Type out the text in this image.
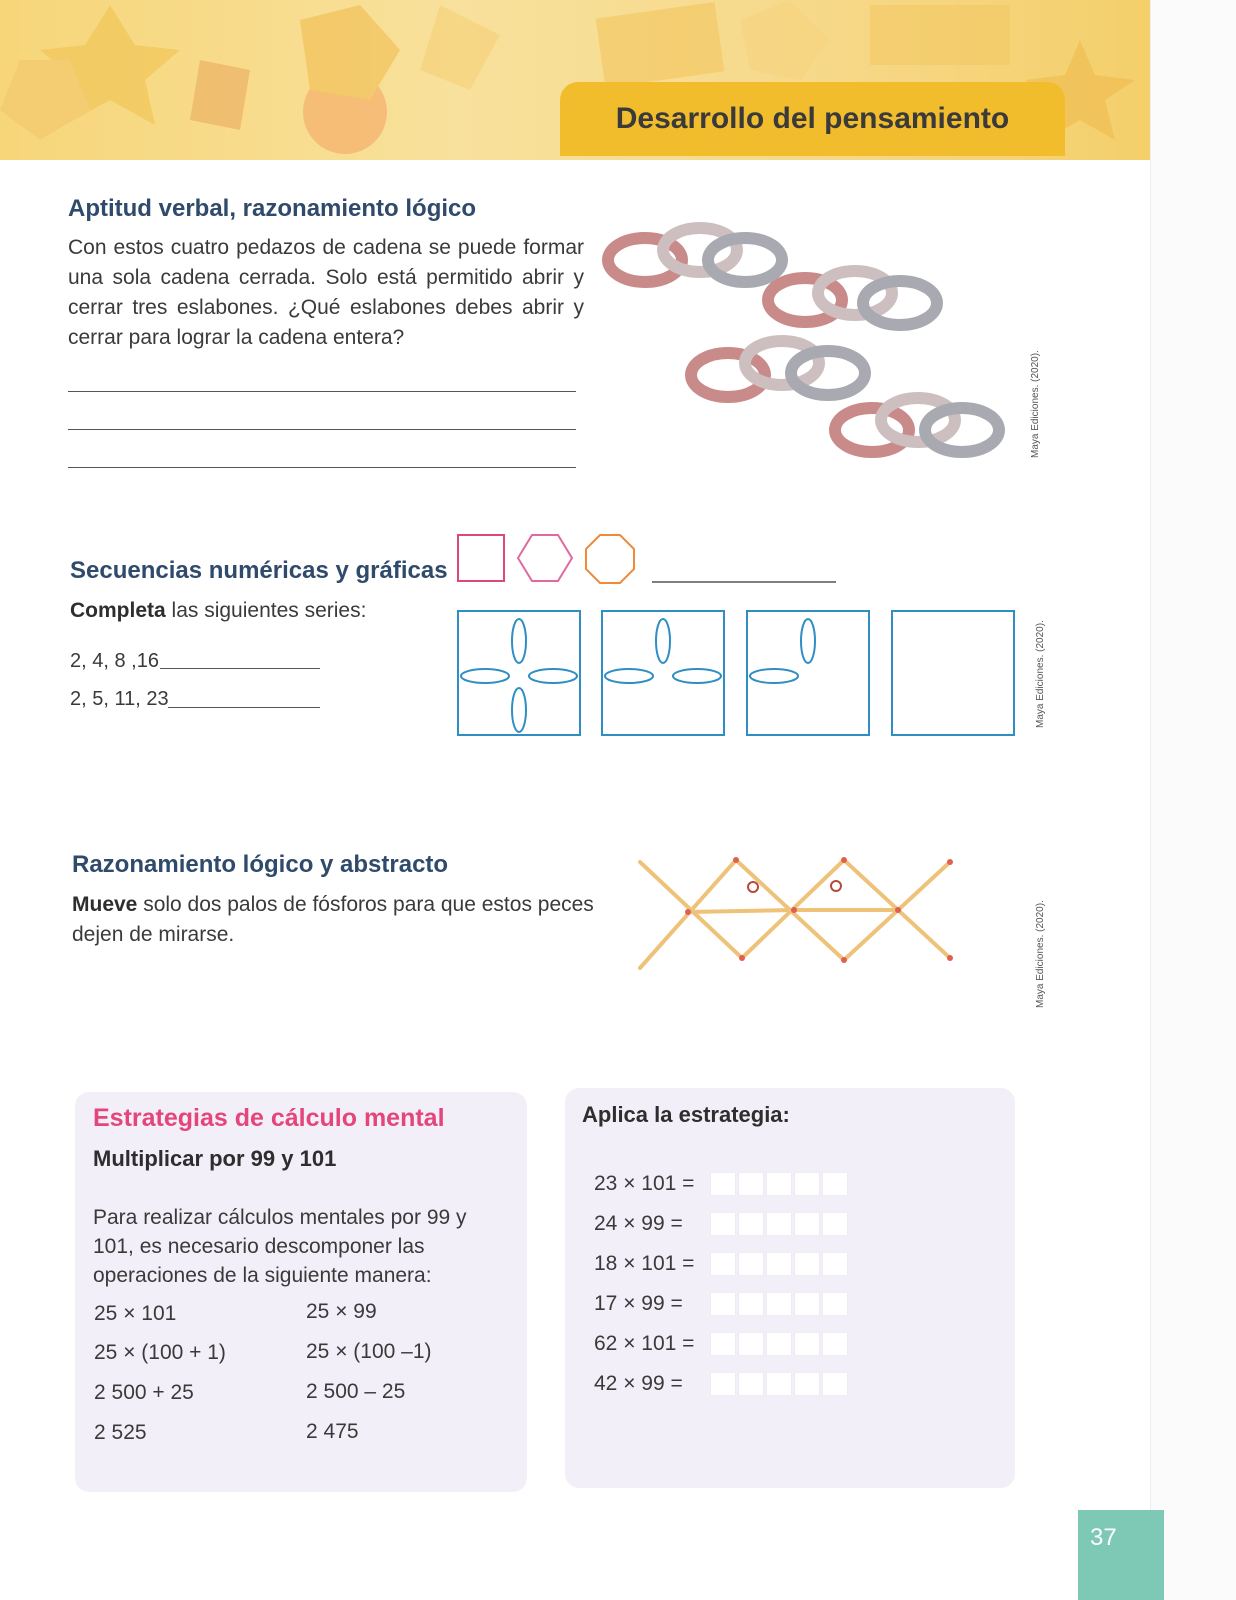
Desarrollo del pensamiento
Aptitud verbal, razonamiento lógico
Con estos cuatro pedazos de cadena se puede formar una sola cadena cerrada. Solo está permitido abrir y cerrar tres eslabones. ¿Qué eslabones debes abrir y cerrar para lograr la cadena entera?
Maya Ediciones. (2020).
Secuencias numéricas y gráficas
Completa las siguientes series:
2, 4, 8 ,16
2, 5, 11, 23	Maya Ediciones. (2020).
Razonamiento lógico y abstracto
Mueve solo dos palos de fósforos para que estos peces dejen de mirarse.	Maya Ediciones. (2020).
Estrategias de cálculo mental
Multiplicar por 99 y 101
Para realizar cálculos mentales por 99 y 101, es necesario descomponer las operaciones de la siguiente manera:
25 × 101
25 × (100 + 1)
2 500 + 25
2 525
25 × 99
25 × (100 –1)
2 500 – 25
2 475
Aplica la estrategia:
23 × 101 =
24 × 99 =
18 × 101 =
17 × 99 =
62 × 101 =
42 × 99 =
37
